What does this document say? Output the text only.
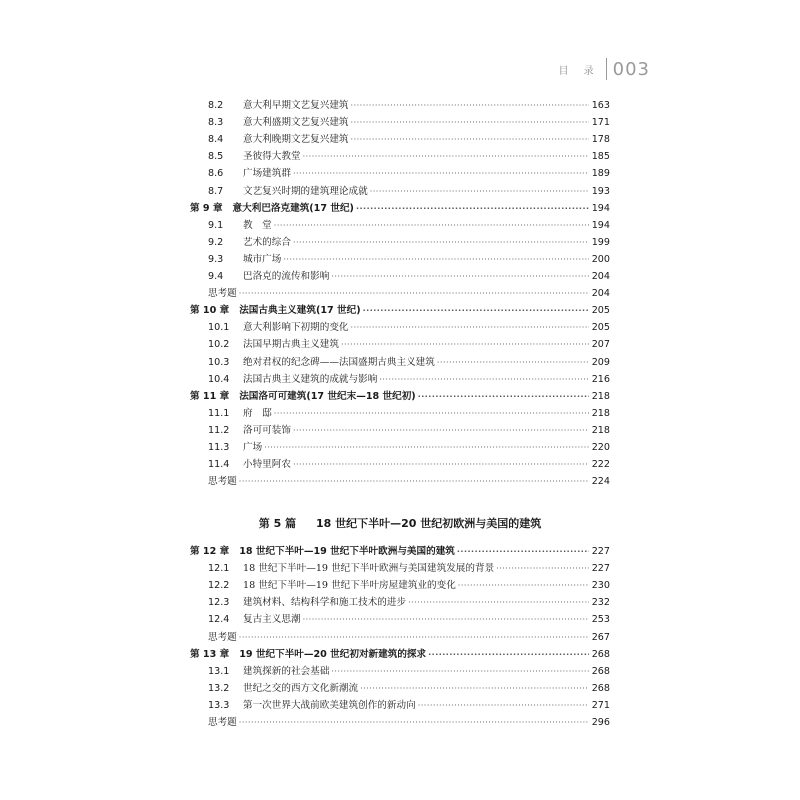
目 录 003
第 5 篇 18 世纪下半叶—20 世纪初欧洲与美国的建筑
8.2	意大利早期文艺复兴建筑 ·····	163
8.3	意大利盛期文艺复兴建筑 ·····	171
8.4	意大利晚期文艺复兴建筑 ·····	178
8.5	圣彼得大教堂 ·····	185
8.6	广场建筑群 ·····	189
8.7	文艺复兴时期的建筑理论成就 ·····	193
第 9 章 意大利巴洛克建筑(17 世纪) ·····	194
9.1	教　堂 ·····	194
9.2	艺术的综合 ·····	199
9.3	城市广场 ·····	200
9.4	巴洛克的流传和影响 ·····	204
思考题 ·····	204
第 10 章 法国古典主义建筑(17 世纪) ·····	205
10.1	意大利影响下初期的变化 ·····	205
10.2	法国早期古典主义建筑 ·····	207
10.3	绝对君权的纪念碑——法国盛期古典主义建筑 ·····	209
10.4	法国古典主义建筑的成就与影响 ·····	216
第 11 章 法国洛可可建筑(17 世纪末—18 世纪初) ·····	218
11.1	府　邸 ·····	218
11.2	洛可可装饰 ·····	218
11.3	广场 ·····	220
11.4	小特里阿农 ·····	222
思考题 ·····	224
第 12 章 18 世纪下半叶—19 世纪下半叶欧洲与美国的建筑 ·····	227
12.1	18 世纪下半叶—19 世纪下半叶欧洲与美国建筑发展的背景 ·····	227
12.2	18 世纪下半叶—19 世纪下半叶房屋建筑业的变化 ·····	230
12.3	建筑材料、结构科学和施工技术的进步 ·····	232
12.4	复古主义思潮 ·····	253
思考题 ·····	267
第 13 章 19 世纪下半叶—20 世纪初对新建筑的探求 ·····	268
13.1	建筑探新的社会基础 ·····	268
13.2	世纪之交的西方文化新潮流 ·····	268
13.3	第一次世界大战前欧美建筑创作的新动向 ·····	271
思考题 ·····	296
